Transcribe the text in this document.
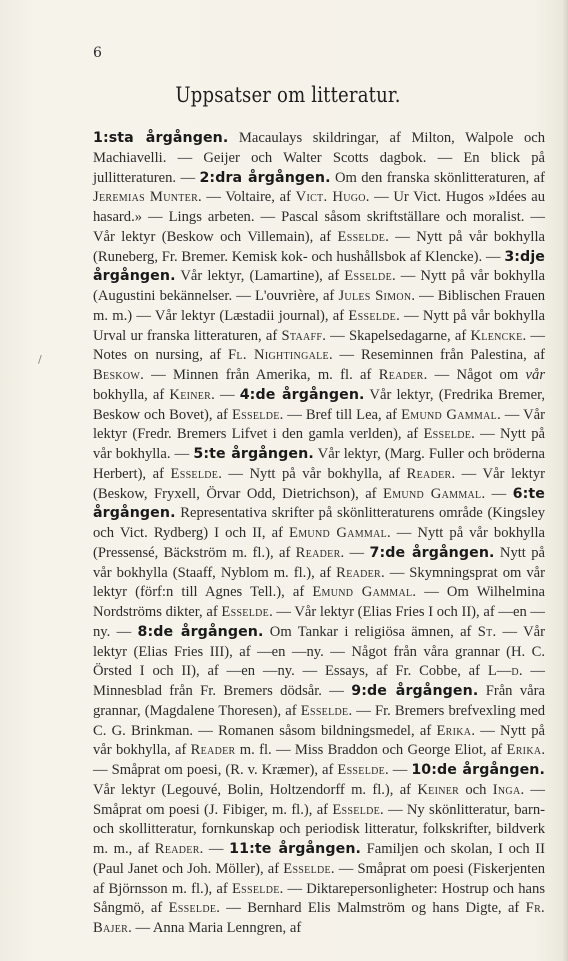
6
Uppsatser om litteratur.
/

1:sta årgången. Macaulays skildringar, af Milton, Walpole och Machiavelli. — Geijer och Walter Scotts dagbok. — En blick på jullitteraturen. — 2:dra årgången. Om den franska skönlitteraturen, af Jeremias Munter. — Voltaire, af Vict. Hugo. — Ur Vict. Hugos »Idées au hasard.» — Lings arbeten. — Pascal såsom skriftställare och moralist. — Vår lektyr (Beskow och Villemain), af Esselde. — Nytt på vår bokhylla (Runeberg, Fr. Bremer. Kemisk kok- och hushållsbok af Klencke). — 3:dje årgången. Vår lektyr, (Lamartine), af Esselde. — Nytt på vår bokhylla (Augustini bekännelser. — L'ouvrière, af Jules Simon. — Biblischen Frauen m. m.) — Vår lektyr (Læstadii journal), af Esselde. — Nytt på vår bokhylla Urval ur franska litteraturen, af Staaff. — Skapelsedagarne, af Klencke. — Notes on nursing, af Fl. Nightingale. — Reseminnen från Palestina, af Beskow. — Minnen från Amerika, m. fl. af Reader. — Något om vår bokhylla, af Keiner. — 4:de årgången. Vår lektyr, (Fredrika Bremer, Beskow och Bovet), af Esselde. — Bref till Lea, af Emund Gammal. — Vår lektyr (Fredr. Bremers Lifvet i den gamla verlden), af Esselde. — Nytt på vår bokhylla. — 5:te årgången. Vår lektyr, (Marg. Fuller och bröderna Herbert), af Esselde. — Nytt på vår bokhylla, af Reader. — Vår lektyr (Beskow, Fryxell, Örvar Odd, Dietrichson), af Emund Gammal. — 6:te årgången. Representativa skrifter på skönlitteraturens område (Kingsley och Vict. Rydberg) I och II, af Emund Gammal. — Nytt på vår bokhylla (Pressensé, Bäckström m. fl.), af Reader. — 7:de årgången. Nytt på vår bokhylla (Staaff, Nyblom m. fl.), af Reader. — Skymningsprat om vår lektyr (förf:n till Agnes Tell.), af Emund Gammal. — Om Wilhelmina Nordströms dikter, af Esselde. — Vår lektyr (Elias Fries I och II), af —en —ny. — 8:de årgången. Om Tankar i religiösa ämnen, af St. — Vår lektyr (Elias Fries III), af —en —ny. — Något från våra grannar (H. C. Örsted I och II), af —en —ny. — Essays, af Fr. Cobbe, af L—d. — Minnesblad från Fr. Bremers dödsår. — 9:de årgången. Från våra grannar, (Magdalene Thoresen), af Esselde. — Fr. Bremers brefvexling med C. G. Brinkman. — Romanen såsom bildningsmedel, af Erika. — Nytt på vår bokhylla, af Reader m. fl. — Miss Braddon och George Eliot, af Erika. — Småprat om poesi, (R. v. Kræmer), af Esselde. — 10:de årgången. Vår lektyr (Legouvé, Bolin, Holtzendorff m. fl.), af Keiner och Inga. — Småprat om poesi (J. Fibiger, m. fl.), af Esselde. — Ny skönlitteratur, barn- och skollitteratur, fornkunskap och periodisk litteratur, folkskrifter, bildverk m. m., af Reader. — 11:te årgången. Familjen och skolan, I och II (Paul Janet och Joh. Möller), af Esselde. — Småprat om poesi (Fiskerjenten af Björnsson m. fl.), af Esselde. — Diktarepersonligheter: Hostrup och hans Sångmö, af Esselde. — Bernhard Elis Malmström og hans Digte, af Fr. Bajer. — Anna Maria Lenngren, af
